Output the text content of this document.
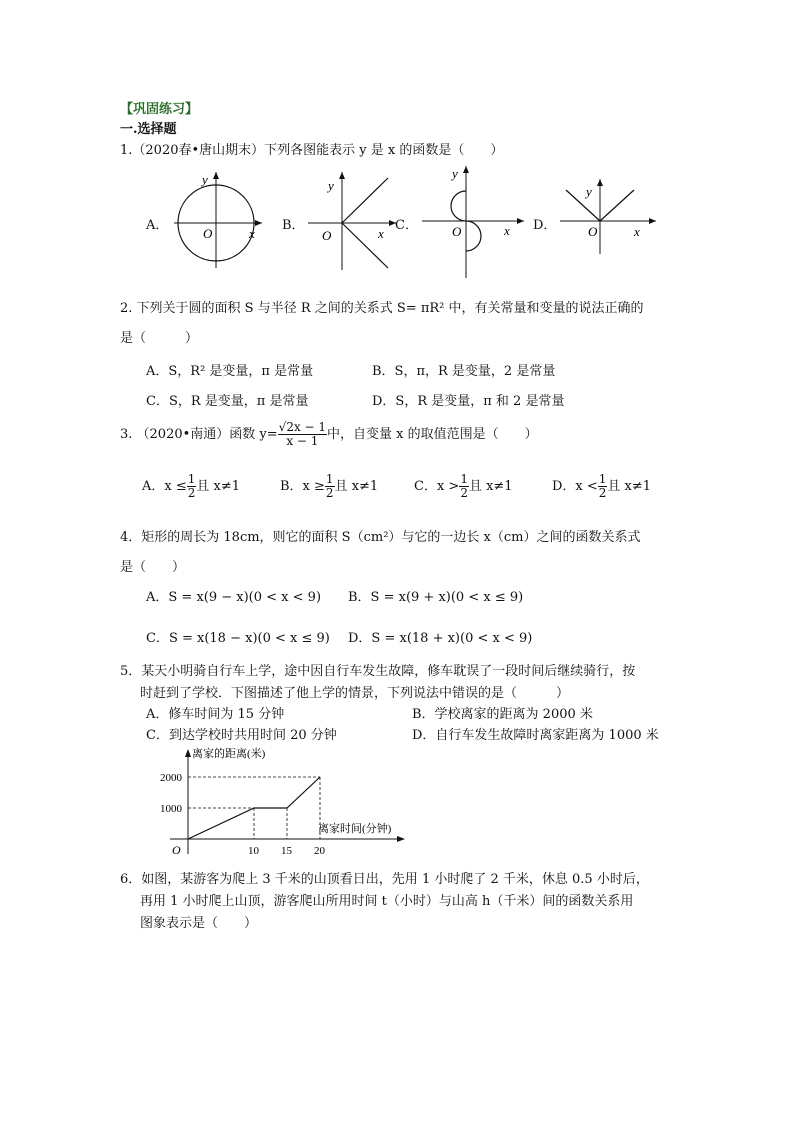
【巩固练习】
一.选择题
1.（2020春•唐山期末）下列各图能表示 y 是 x 的函数是（　　）
A．
O	x
y
B．
O	x
y
C．	O	x
y
D． O	x
y
2. 下列关于圆的面积 S 与半径 R 之间的关系式 S= πR² 中，有关常量和变量的说法正确的
是（　　　）
A．S，R² 是变量，π 是常量	B．S，π，R 是变量，2 是常量
C．S，R 是变量，π 是常量	D．S，R 是变量，π 和 2 是常量
3. （2020•南通）函数 $y= \frac{√2x - 1}{x - 1}$ 中，自变量 x 的取值范围是（　　）
A．$x \le \frac{1}{2}$ 且 x≠1	B．$x \ge \frac{1}{2}$ 且 x≠1	C．$x > \frac{1}{2}$ 且 x≠1	D．$x < \frac{1}{2}$ 且 x≠1
4．矩形的周长为 18cm，则它的面积 S（cm²）与它的一边长 x（cm）之间的函数关系式
是（　　）
A．S = x(9 − x)(0 < x < 9) B．S = x(9 + x)(0 < x ≤ 9)
C．S = x(18 − x)(0 < x ≤ 9) D．S = x(18 + x)(0 < x < 9)
5．某天小明骑自行车上学，途中因自行车发生故障，修车耽误了一段时间后继续骑行，按
时赶到了学校．下图描述了他上学的情景，下列说法中错误的是（　　　）
A．修车时间为 15 分钟	B．学校离家的距离为 2000 米
C．到达学校时共用时间 20 分钟	D．自行车发生故障时离家距离为 1000 米
10 15 20
1000
2000
离家的距离(米)
离家时间(分钟)
O
6．如图，某游客为爬上 3 千米的山顶看日出，先用 1 小时爬了 2 千米，休息 0.5 小时后，
再用 1 小时爬上山顶，游客爬山所用时间 t（小时）与山高 h（千米）间的函数关系用
图象表示是（　　）
